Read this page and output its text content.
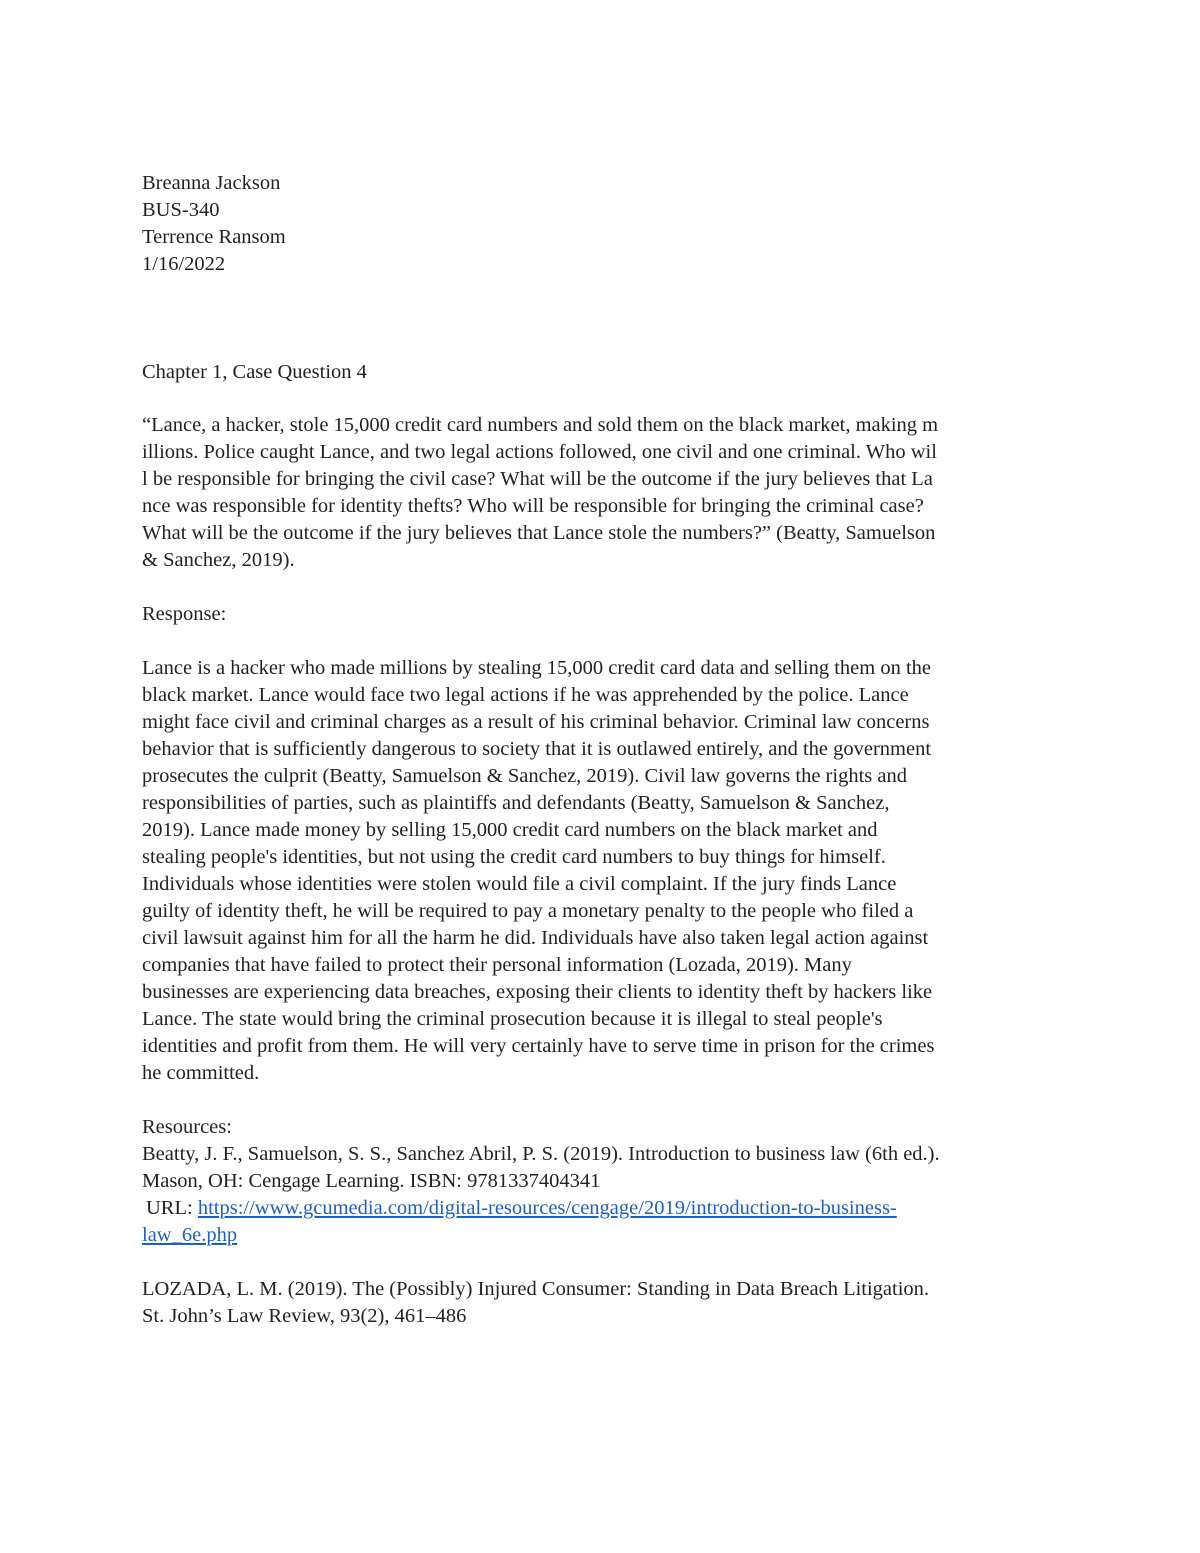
Breanna Jackson
BUS-340
Terrence Ransom
1/16/2022
Chapter 1, Case Question 4
“Lance, a hacker, stole 15,000 credit card numbers and sold them on the black market, making m
illions. Police caught Lance, and two legal actions followed, one civil and one criminal. Who wil
l be responsible for bringing the civil case? What will be the outcome if the jury believes that La
nce was responsible for identity thefts? Who will be responsible for bringing the criminal case?
What will be the outcome if the jury believes that Lance stole the numbers?” (Beatty, Samuelson
& Sanchez, 2019).
Response:
Lance is a hacker who made millions by stealing 15,000 credit card data and selling them on the
black market. Lance would face two legal actions if he was apprehended by the police. Lance
might face civil and criminal charges as a result of his criminal behavior. Criminal law concerns
behavior that is sufficiently dangerous to society that it is outlawed entirely, and the government
prosecutes the culprit (Beatty, Samuelson & Sanchez, 2019). Civil law governs the rights and
responsibilities of parties, such as plaintiffs and defendants (Beatty, Samuelson & Sanchez,
2019). Lance made money by selling 15,000 credit card numbers on the black market and
stealing people's identities, but not using the credit card numbers to buy things for himself.
Individuals whose identities were stolen would file a civil complaint. If the jury finds Lance
guilty of identity theft, he will be required to pay a monetary penalty to the people who filed a
civil lawsuit against him for all the harm he did. Individuals have also taken legal action against
companies that have failed to protect their personal information (Lozada, 2019). Many
businesses are experiencing data breaches, exposing their clients to identity theft by hackers like
Lance. The state would bring the criminal prosecution because it is illegal to steal people's
identities and profit from them. He will very certainly have to serve time in prison for the crimes
he committed.
Resources:
Beatty, J. F., Samuelson, S. S., Sanchez Abril, P. S. (2019). Introduction to business law (6th ed.).
Mason, OH: Cengage Learning. ISBN: 9781337404341
URL: https://www.gcumedia.com/digital-resources/cengage/2019/introduction-to-business-
law_6e.php
LOZADA, L. M. (2019). The (Possibly) Injured Consumer: Standing in Data Breach Litigation.
St. John’s Law Review, 93(2), 461–486
